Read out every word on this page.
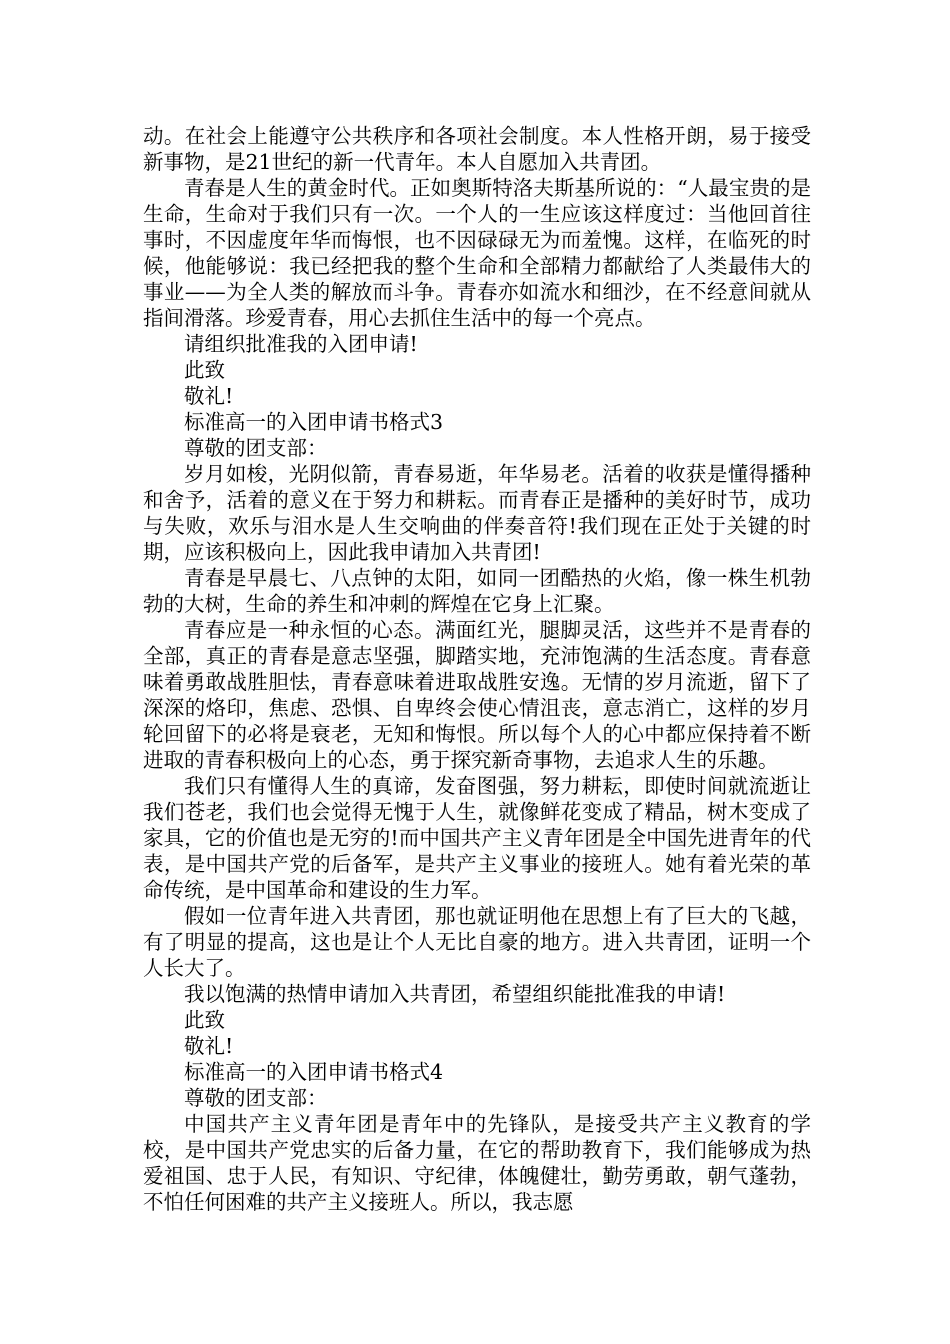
动。在社会上能遵守公共秩序和各项社会制度。本人性格开朗，易于接受新事物，是21世纪的新一代青年。本人自愿加入共青团。

青春是人生的黄金时代。正如奥斯特洛夫斯基所说的：“人最宝贵的是生命，生命对于我们只有一次。一个人的一生应该这样度过：当他回首往事时，不因虚度年华而悔恨，也不因碌碌无为而羞愧。这样，在临死的时候，他能够说：我已经把我的整个生命和全部精力都献给了人类最伟大的事业——为全人类的解放而斗争。青春亦如流水和细沙，在不经意间就从指间滑落。珍爱青春，用心去抓住生活中的每一个亮点。

请组织批准我的入团申请!

此致

敬礼!

标准高一的入团申请书格式3

尊敬的团支部：

岁月如梭，光阴似箭，青春易逝，年华易老。活着的收获是懂得播种和舍予，活着的意义在于努力和耕耘。而青春正是播种的美好时节，成功与失败，欢乐与泪水是人生交响曲的伴奏音符!我们现在正处于关键的时期，应该积极向上，因此我申请加入共青团!

青春是早晨七、八点钟的太阳，如同一团酷热的火焰，像一株生机勃勃的大树，生命的养生和冲刺的辉煌在它身上汇聚。

青春应是一种永恒的心态。满面红光，腿脚灵活，这些并不是青春的全部，真正的青春是意志坚强，脚踏实地，充沛饱满的生活态度。青春意味着勇敢战胜胆怯，青春意味着进取战胜安逸。无情的岁月流逝，留下了深深的烙印，焦虑、恐惧、自卑终会使心情沮丧，意志消亡，这样的岁月轮回留下的必将是衰老，无知和悔恨。所以每个人的心中都应保持着不断进取的青春积极向上的心态，勇于探究新奇事物，去追求人生的乐趣。

我们只有懂得人生的真谛，发奋图强，努力耕耘，即使时间就流逝让我们苍老，我们也会觉得无愧于人生，就像鲜花变成了精品，树木变成了家具，它的价值也是无穷的!而中国共产主义青年团是全中国先进青年的代表，是中国共产党的后备军，是共产主义事业的接班人。她有着光荣的革命传统，是中国革命和建设的生力军。

假如一位青年进入共青团，那也就证明他在思想上有了巨大的飞越，有了明显的提高，这也是让个人无比自豪的地方。进入共青团，证明一个人长大了。

我以饱满的热情申请加入共青团，希望组织能批准我的申请!

此致

敬礼!

标准高一的入团申请书格式4

尊敬的团支部：

中国共产主义青年团是青年中的先锋队，是接受共产主义教育的学校，是中国共产党忠实的后备力量，在它的帮助教育下，我们能够成为热爱祖国、忠于人民，有知识、守纪律，体魄健壮，勤劳勇敢，朝气蓬勃，不怕任何困难的共产主义接班人。所以，我志愿
